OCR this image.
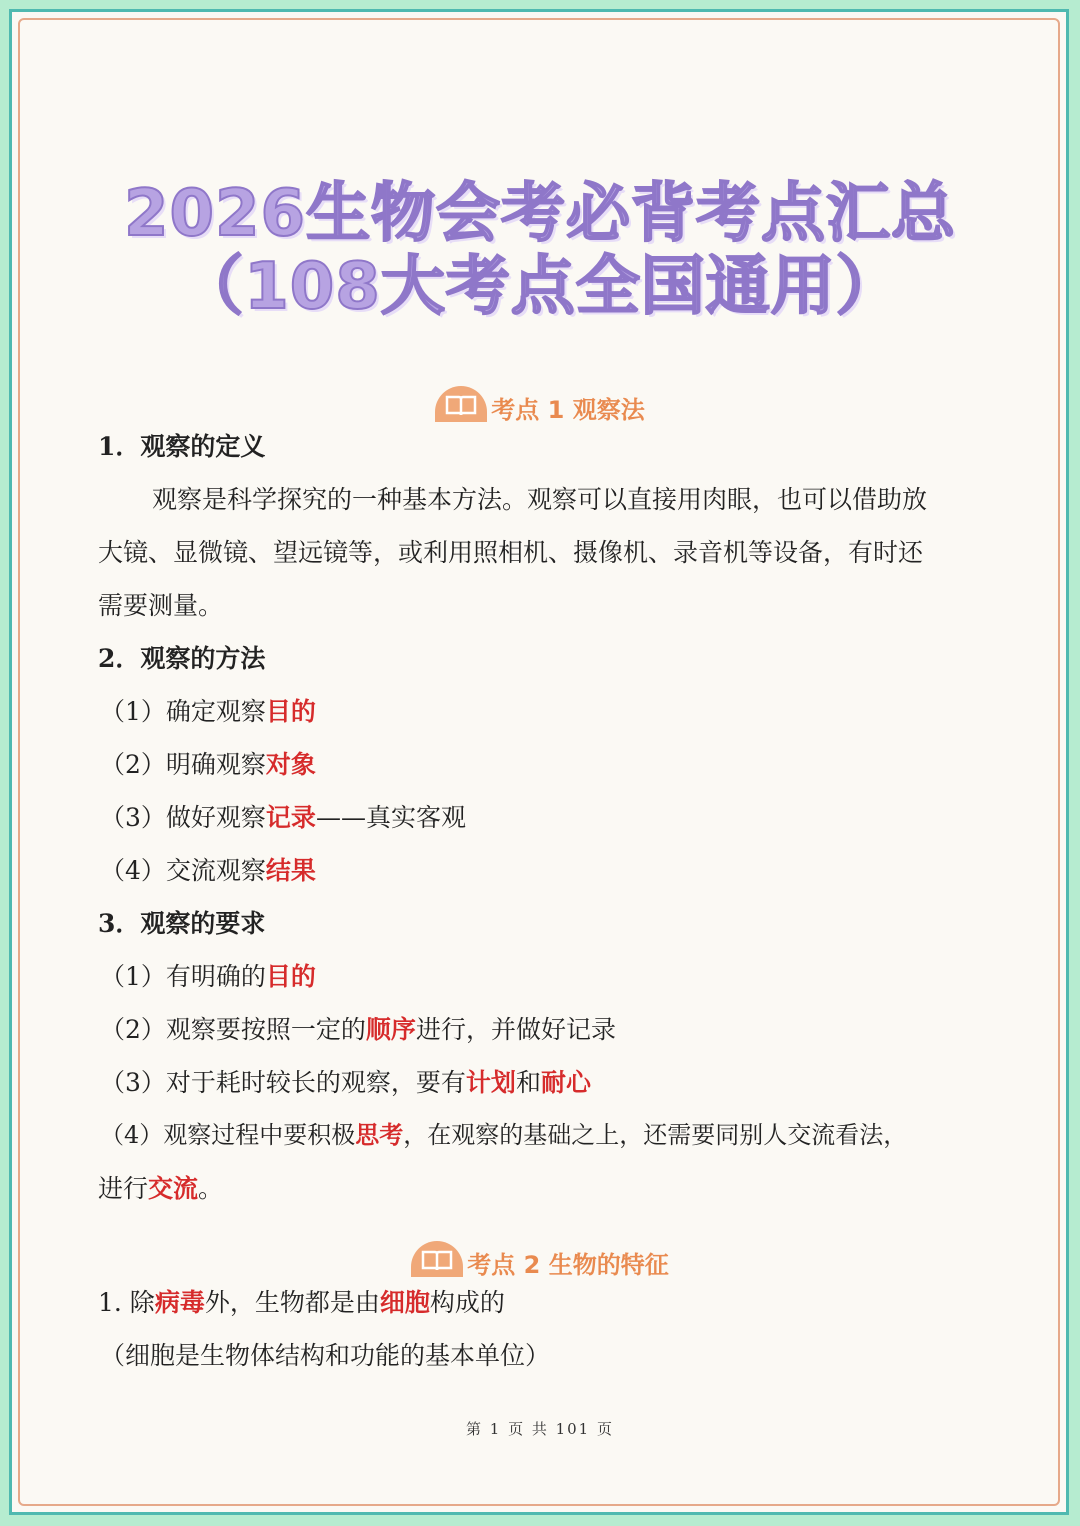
2026生物会考必背考点汇总
（108大考点全国通用）
考点 1 观察法
1．观察的定义
观察是科学探究的一种基本方法。观察可以直接用肉眼，也可以借助放
大镜、显微镜、望远镜等，或利用照相机、摄像机、录音机等设备，有时还
需要测量。
2．观察的方法
（1）确定观察目的
（2）明确观察对象
（3）做好观察记录——真实客观
（4）交流观察结果
3．观察的要求
（1）有明确的目的
（2）观察要按照一定的顺序进行，并做好记录
（3）对于耗时较长的观察，要有计划和耐心
（4）观察过程中要积极思考，在观察的基础之上，还需要同别人交流看法，
进行交流。
考点 2 生物的特征
1. 除病毒外，生物都是由细胞构成的
（细胞是生物体结构和功能的基本单位）
第 1 页 共 101 页
